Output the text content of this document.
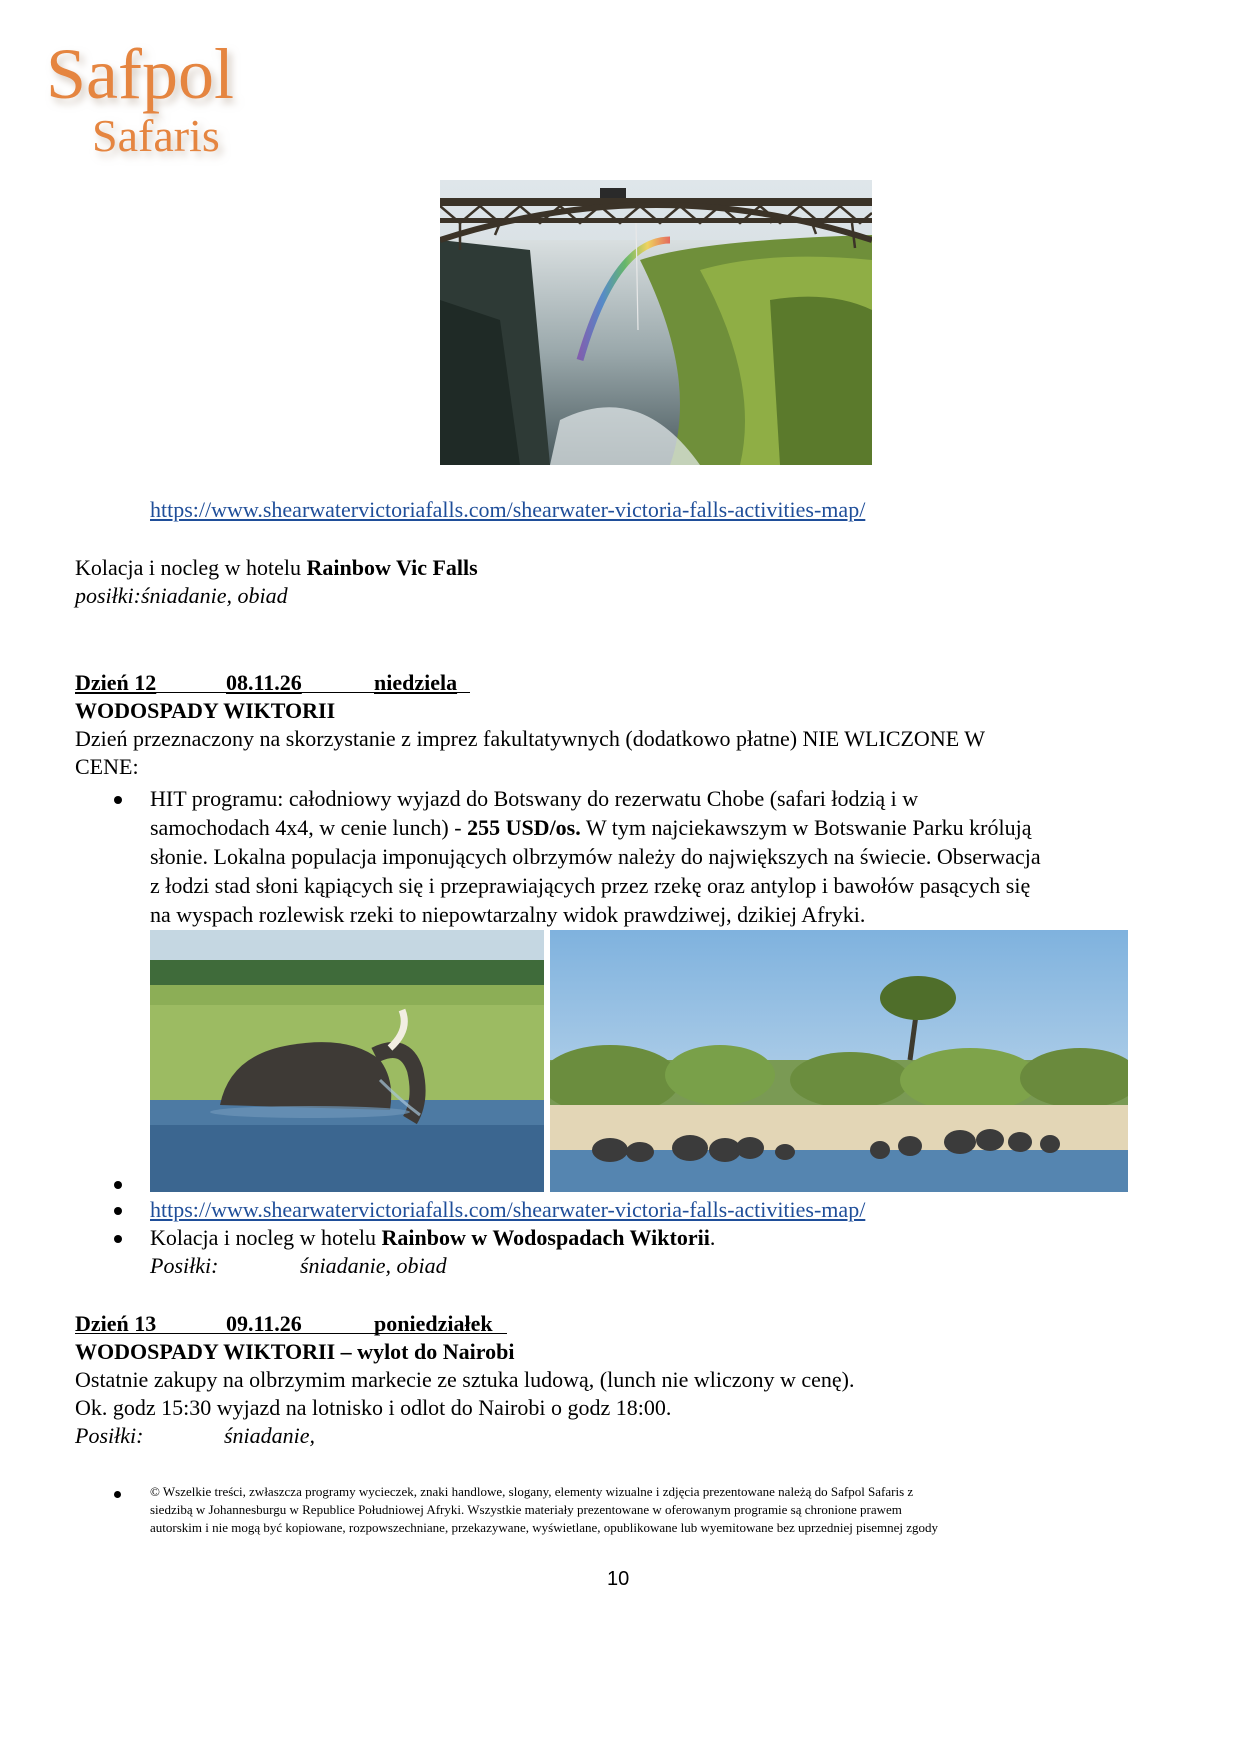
Safpol
Safaris
https://www.shearwatervictoriafalls.com/shearwater-victoria-falls-activities-map/
Kolacja i nocleg w hotelu Rainbow Vic Falls
posiłki:śniadanie, obiad
Dzień 12	08.11.26	niedziela
WODOSPADY WIKTORII
Dzień przeznaczony na skorzystanie z imprez fakultatywnych (dodatkowo płatne) NIE WLICZONE W
CENE:
HIT programu: całodniowy wyjazd do Botswany do rezerwatu Chobe (safari łodzią i w
samochodach 4x4, w cenie lunch) - 255 USD/os. W tym najciekawszym w Botswanie Parku królują
słonie. Lokalna populacja imponujących olbrzymów należy do największych na świecie. Obserwacja
z łodzi stad słoni kąpiących się i przeprawiających przez rzekę oraz antylop i bawołów pasących się
na wyspach rozlewisk rzeki to niepowtarzalny widok prawdziwej, dzikiej Afryki.
https://www.shearwatervictoriafalls.com/shearwater-victoria-falls-activities-map/
Kolacja i nocleg w hotelu Rainbow w Wodospadach Wiktorii.
Posiłki:	śniadanie, obiad
Dzień 13	09.11.26	poniedziałek
WODOSPADY WIKTORII – wylot do Nairobi
Ostatnie zakupy na olbrzymim markecie ze sztuka ludową, (lunch nie wliczony w cenę).
Ok. godz 15:30 wyjazd na lotnisko i odlot do Nairobi o godz 18:00.
Posiłki:	śniadanie,
© Wszelkie treści, zwłaszcza programy wycieczek, znaki handlowe, slogany, elementy wizualne i zdjęcia prezentowane należą do Safpol Safaris z
siedzibą w Johannesburgu w Republice Południowej Afryki. Wszystkie materiały prezentowane w oferowanym programie są chronione prawem
autorskim i nie mogą być kopiowane, rozpowszechniane, przekazywane, wyświetlane, opublikowane lub wyemitowane bez uprzedniej pisemnej zgody
10
